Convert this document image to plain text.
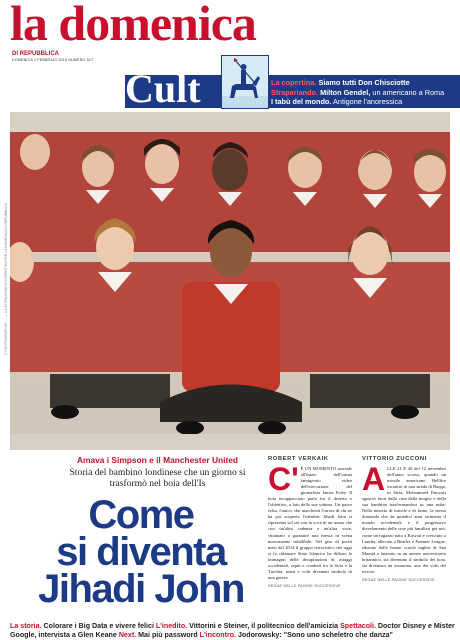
la domenica
DI REPUBBLICA
DOMENICA 1 FEBBRAIO 2015 NUMERO 517
Cult	La copertina. Siamo tutti Don Chisciotte
Strapariando. Milton Gendel, un americano a Roma
I tabù del mondo. Antigone l'anoressica
© PHOTOGRAPH BY ... — ILLUSTRAZIONE DI COPERTINA PER LA DOMENICA DI REPUBBLICA
Amava i Simpson e il Manchester United
Storia del bambino londinese che un giorno si trasformò nel boia dell'Is
Come
si diventa
Jihadi John
ROBERT VERKAIK
C' È UN MOMENTO surreale all'inizio dell'ormai famigerato video dell'esecuzione del giornalista James Foley. Il boia incappucciato parla fra il deserto e l'obiettivo, a lato della sua vittima. Un passo falso, l'unico, che marchierà l'orrore di chi ne ha poi scoperto l'identità: Jihadi John si ripresenta sul set con la voce di un uomo che con un'altra cadenza e un'altra voce, chiamato a garantire una messa in scena nuovamente infallibile. Nel giro di pochi mesi del 2014 il gruppo terroristico che oggi si fa chiamare Stato Islamico ha diffuso le immagini delle decapitazioni di ostaggi occidentali, rapiti e condotti tra la Siria e la Turchia, nomi e volti diventati simbolo di una guerra.
SEGUE NELLE PAGINE SUCCESSIVE
VITTORIO ZUCCONI
ALLE 21 E 40 del 12 novembre dell'anno scorso, quando un missile americano Hellfire incontrò in una strada di Raqqa, in Siria, Mohammed Emwazi sgusciò fuori dalla casa della moglie e della sua bambina trasformandosi in una nube. Nella miseria di nuvole e di fumo, la stessa domanda che da quindici anni tormenta il mondo occidentale e il progressivo disvelamento delle cose più familiari per noi: come un ragazzo nato a Kuwait e cresciuto a Londra, allevato a Beatles e Premier League, educato dalle buone scuole inglesi di Sua Maestà e laureato in un ateneo universitario britannico, sia diventato il simbolo del boia, sia diventato un assassino, uno dei volti del terrore.
SEGUE NELLE PAGINE SUCCESSIVE
La storia. Colorare i Big Data e vivere felici L'inedito. Vittorini e Steiner, il politecnico dell'amicizia Spettacoli. Doctor Disney e Mister Google, intervista a Glen Keane Next. Mai più password L'incontro. Jodorowsky: "Sono uno scheletro che danza"
